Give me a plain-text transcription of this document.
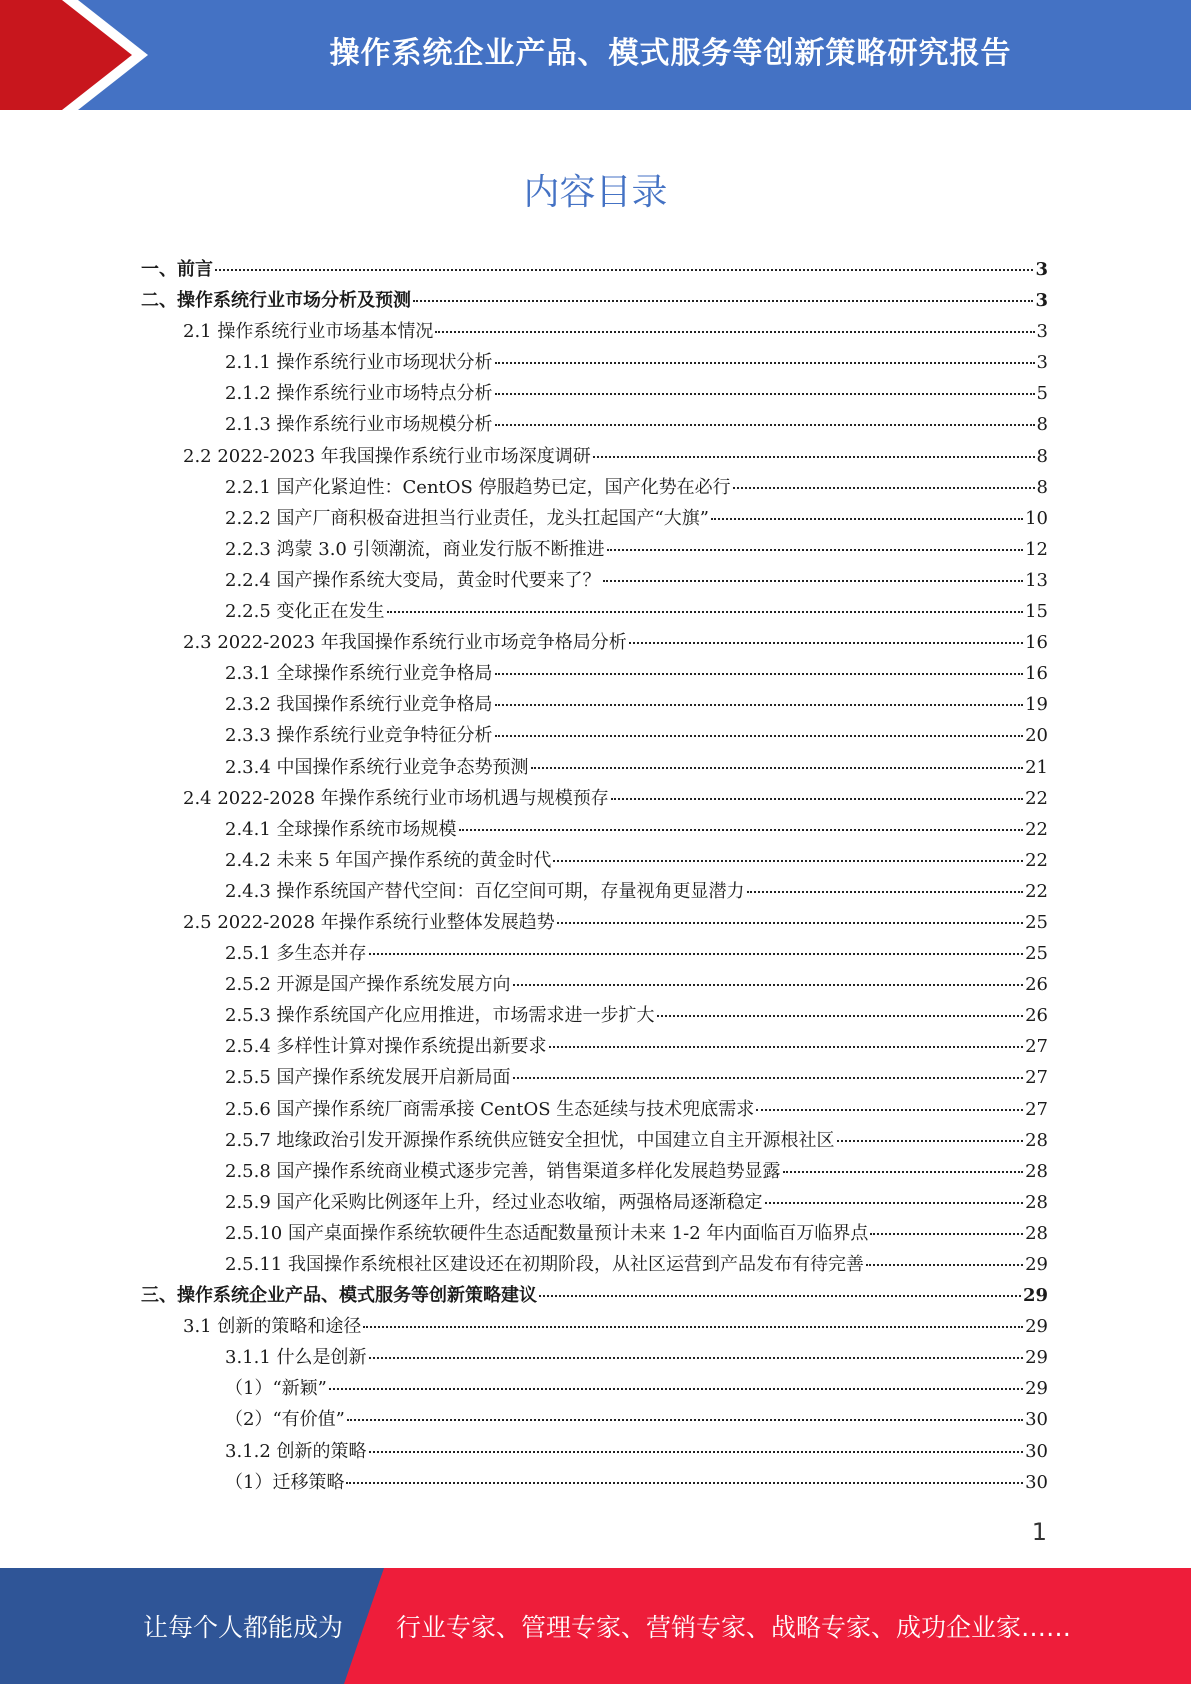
操作系统企业产品、模式服务等创新策略研究报告
内容目录
一、前言	3
二、操作系统行业市场分析及预测	3
2.1 操作系统行业市场基本情况	3
2.1.1 操作系统行业市场现状分析	3
2.1.2 操作系统行业市场特点分析	5
2.1.3 操作系统行业市场规模分析	8
2.2 2022-2023 年我国操作系统行业市场深度调研	8
2.2.1 国产化紧迫性：CentOS 停服趋势已定，国产化势在必行	8
2.2.2 国产厂商积极奋进担当行业责任，龙头扛起国产“大旗”	10
2.2.3 鸿蒙 3.0 引领潮流，商业发行版不断推进	12
2.2.4 国产操作系统大变局，黄金时代要来了？	13
2.2.5 变化正在发生	15
2.3 2022-2023 年我国操作系统行业市场竞争格局分析	16
2.3.1 全球操作系统行业竞争格局	16
2.3.2 我国操作系统行业竞争格局	19
2.3.3 操作系统行业竞争特征分析	20
2.3.4 中国操作系统行业竞争态势预测	21
2.4 2022-2028 年操作系统行业市场机遇与规模预存	22
2.4.1 全球操作系统市场规模	22
2.4.2 未来 5 年国产操作系统的黄金时代	22
2.4.3 操作系统国产替代空间：百亿空间可期，存量视角更显潜力	22
2.5 2022-2028 年操作系统行业整体发展趋势	25
2.5.1 多生态并存	25
2.5.2 开源是国产操作系统发展方向	26
2.5.3 操作系统国产化应用推进，市场需求进一步扩大	26
2.5.4 多样性计算对操作系统提出新要求	27
2.5.5 国产操作系统发展开启新局面	27
2.5.6 国产操作系统厂商需承接 CentOS 生态延续与技术兜底需求	27
2.5.7 地缘政治引发开源操作系统供应链安全担忧，中国建立自主开源根社区	28
2.5.8 国产操作系统商业模式逐步完善，销售渠道多样化发展趋势显露	28
2.5.9 国产化采购比例逐年上升，经过业态收缩，两强格局逐渐稳定	28
2.5.10 国产桌面操作系统软硬件生态适配数量预计未来 1-2 年内面临百万临界点	28
2.5.11 我国操作系统根社区建设还在初期阶段，从社区运营到产品发布有待完善	29
三、操作系统企业产品、模式服务等创新策略建议	29
3.1 创新的策略和途径	29
3.1.1 什么是创新	29
（1）“新颖”	29
（2）“有价值”	30
3.1.2 创新的策略	30
（1）迁移策略	30
1
让每个人都能成为 行业专家、管理专家、营销专家、战略专家、成功企业家……
